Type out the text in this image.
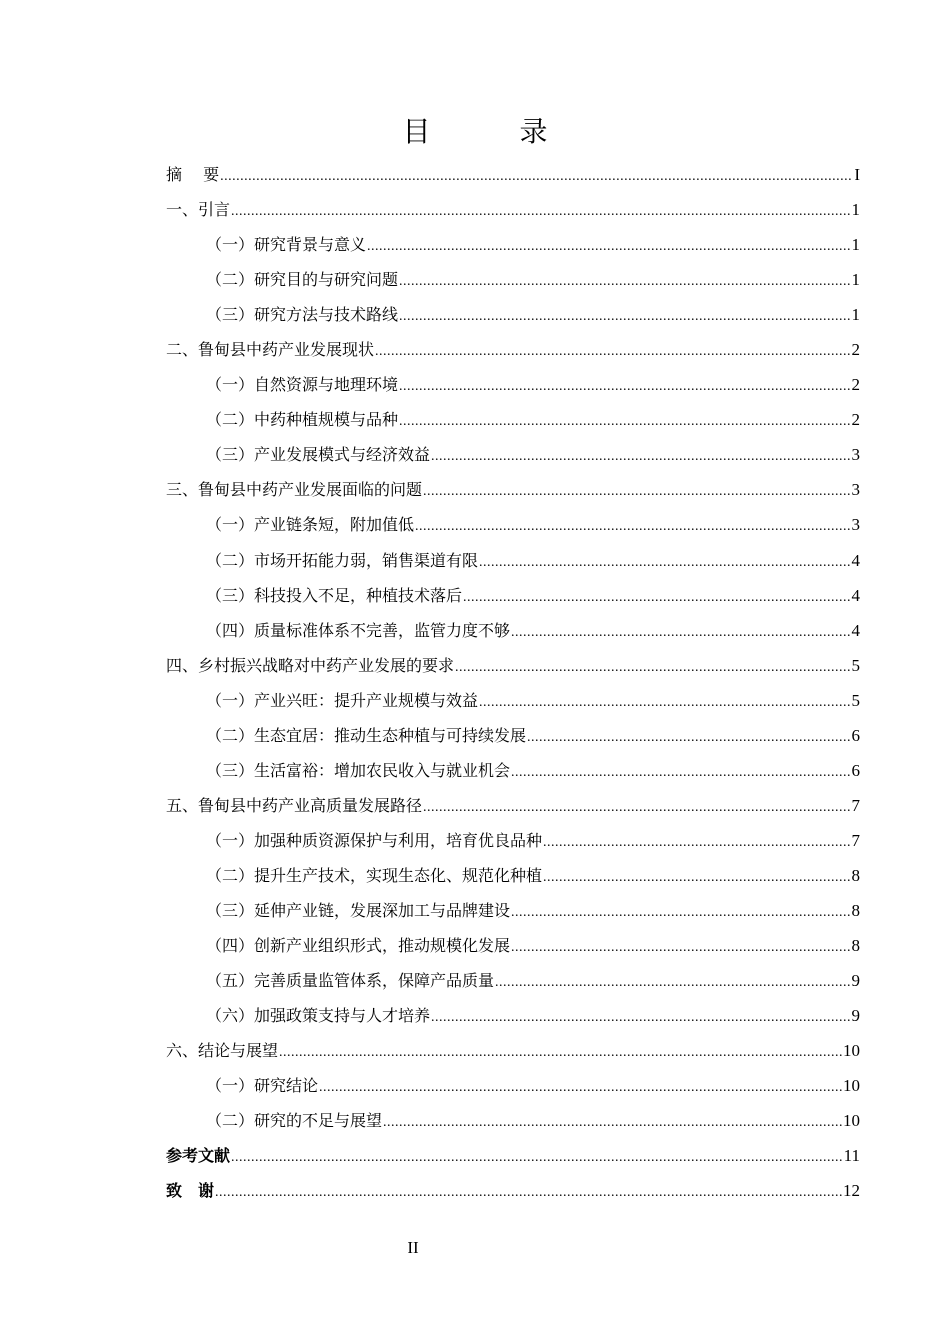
目 录
摘　 要 .....	I
一、引言 .....	1
（一）研究背景与意义 .....	1
（二）研究目的与研究问题 .....	1
（三）研究方法与技术路线 .....	1
二、鲁甸县中药产业发展现状 .....	2
（一）自然资源与地理环境 .....	2
（二）中药种植规模与品种 .....	2
（三）产业发展模式与经济效益 .....	3
三、鲁甸县中药产业发展面临的问题 .....	3
（一）产业链条短，附加值低 .....	3
（二）市场开拓能力弱，销售渠道有限 .....	4
（三）科技投入不足，种植技术落后 .....	4
（四）质量标准体系不完善，监管力度不够 .....	4
四、乡村振兴战略对中药产业发展的要求 .....	5
（一）产业兴旺：提升产业规模与效益 .....	5
（二）生态宜居：推动生态种植与可持续发展 .....	6
（三）生活富裕：增加农民收入与就业机会 .....	6
五、鲁甸县中药产业高质量发展路径 .....	7
（一）加强种质资源保护与利用，培育优良品种 .....	7
（二）提升生产技术，实现生态化、规范化种植 .....	8
（三）延伸产业链，发展深加工与品牌建设 .....	8
（四）创新产业组织形式，推动规模化发展 .....	8
（五）完善质量监管体系，保障产品质量 .....	9
（六）加强政策支持与人才培养 .....	9
六、结论与展望 .....	10
（一）研究结论 .....	10
（二）研究的不足与展望 .....	10
参考文献 .....	11
致　谢 .....	12
II
